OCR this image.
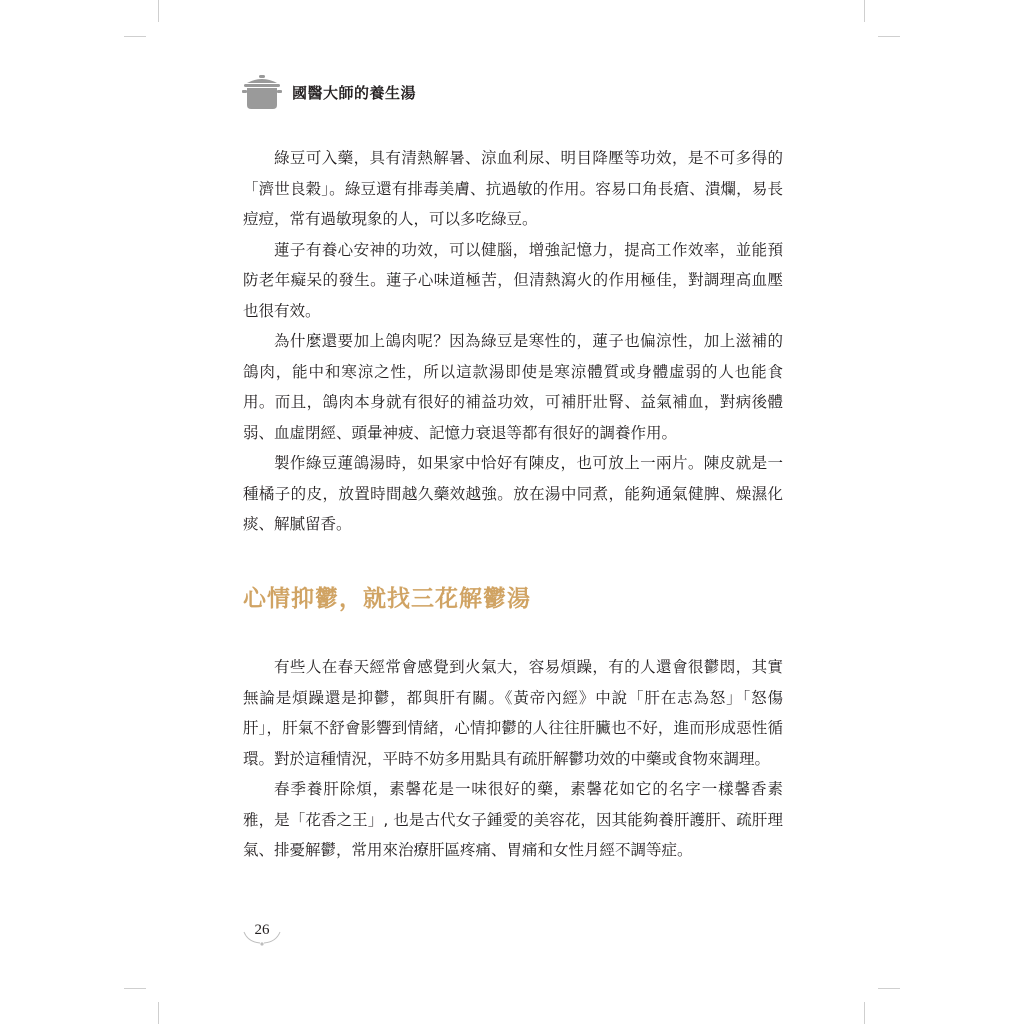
國醫大師的養生湯

綠豆可入藥，具有清熱解暑、涼血利尿、明目降壓等功效，是不可多得的「濟世良穀」。綠豆還有排毒美膚、抗過敏的作用。容易口角長瘡、潰爛，易長痘痘，常有過敏現象的人，可以多吃綠豆。

蓮子有養心安神的功效，可以健腦，增強記憶力，提高工作效率，並能預防老年癡呆的發生。蓮子心味道極苦，但清熱瀉火的作用極佳，對調理高血壓也很有效。

為什麼還要加上鴿肉呢？因為綠豆是寒性的，蓮子也偏涼性，加上滋補的鴿肉，能中和寒涼之性，所以這款湯即使是寒涼體質或身體虛弱的人也能食用。而且，鴿肉本身就有很好的補益功效，可補肝壯腎、益氣補血，對病後體弱、血虛閉經、頭暈神疲、記憶力衰退等都有很好的調養作用。

製作綠豆蓮鴿湯時，如果家中恰好有陳皮，也可放上一兩片。陳皮就是一種橘子的皮，放置時間越久藥效越強。放在湯中同煮，能夠通氣健脾、燥濕化痰、解膩留香。

心情抑鬱，就找三花解鬱湯

有些人在春天經常會感覺到火氣大，容易煩躁，有的人還會很鬱悶，其實無論是煩躁還是抑鬱，都與肝有關。《黃帝內經》中說「肝在志為怒」「怒傷肝」，肝氣不舒會影響到情緒，心情抑鬱的人往往肝臟也不好，進而形成惡性循環。對於這種情況，平時不妨多用點具有疏肝解鬱功效的中藥或食物來調理。

春季養肝除煩，素馨花是一味很好的藥，素馨花如它的名字一樣馨香素雅，是「花香之王」, 也是古代女子鍾愛的美容花，因其能夠養肝護肝、疏肝理氣、排憂解鬱，常用來治療肝區疼痛、胃痛和女性月經不調等症。

26
